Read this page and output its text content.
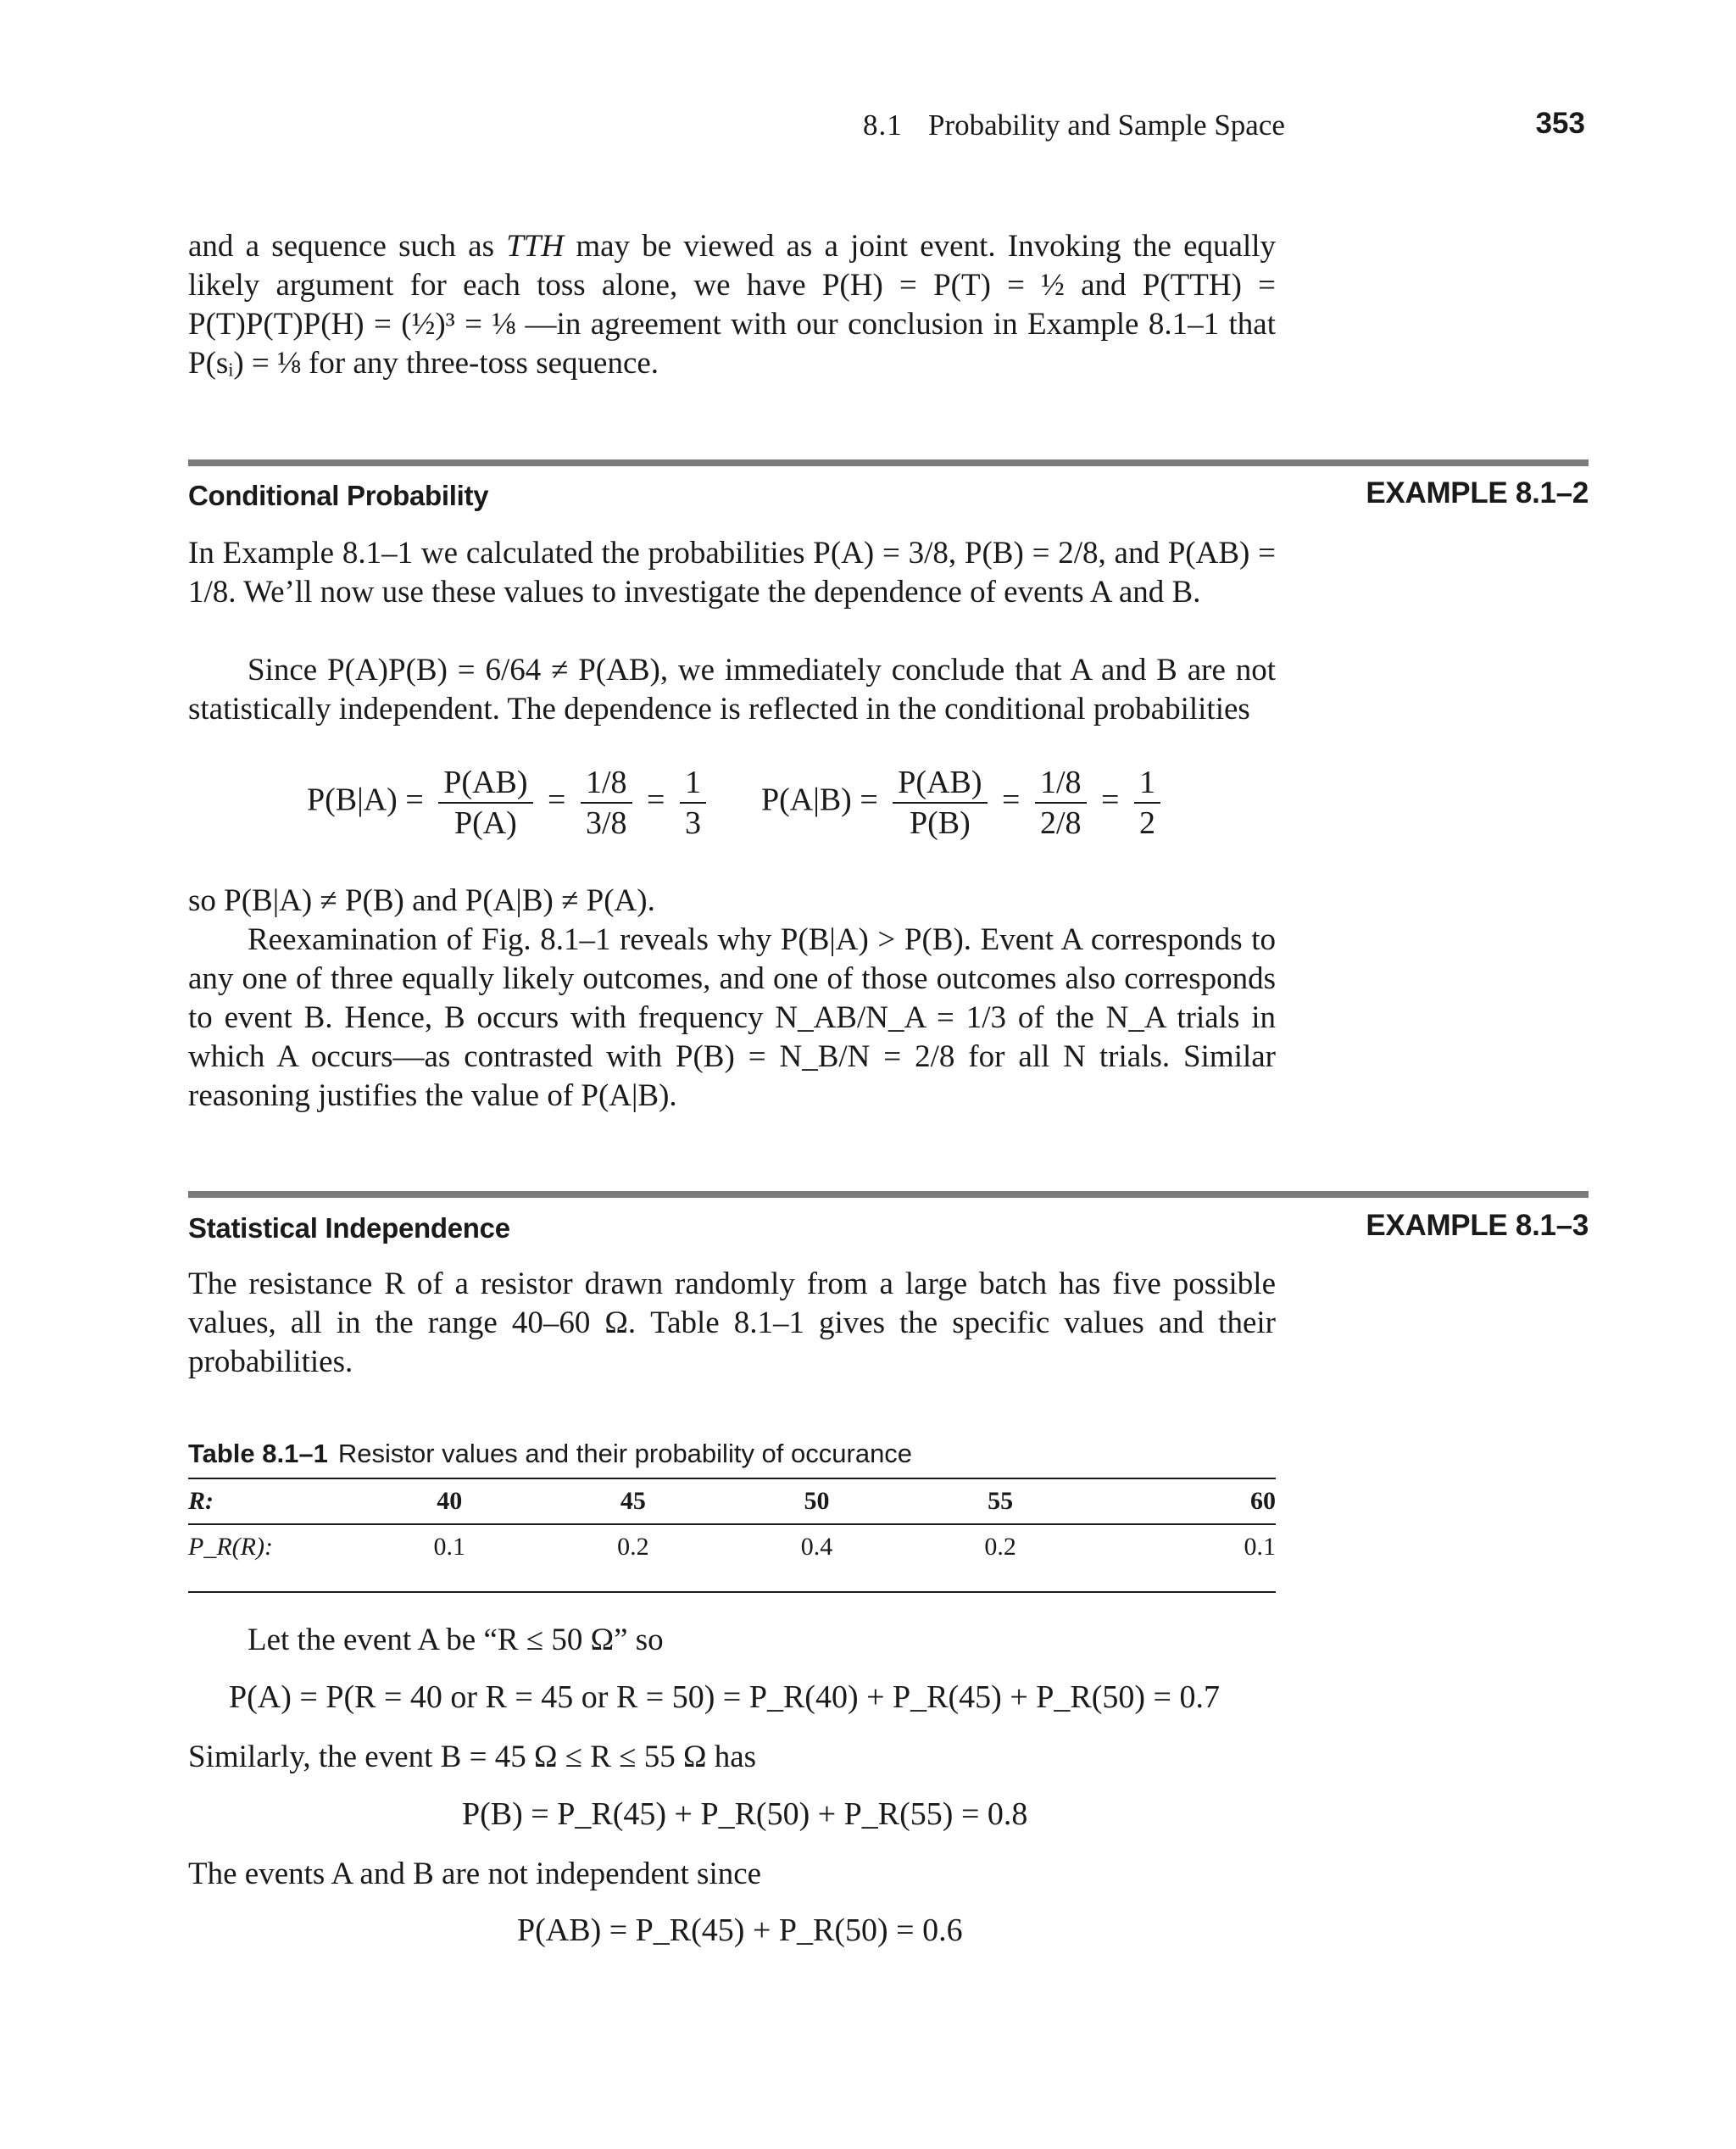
8.1 Probability and Sample Space	353

and a sequence such as TTH may be viewed as a joint event. Invoking the equally likely argument for each toss alone, we have P(H) = P(T) = ½ and P(TTH) = P(T)P(T)P(H) = (½)³ = ⅛ —in agreement with our conclusion in Example 8.1–1 that P(sᵢ) = ⅛ for any three-toss sequence.

Conditional Probability	EXAMPLE 8.1–2

In Example 8.1–1 we calculated the probabilities P(A) = 3/8, P(B) = 2/8, and P(AB) = 1/8. We’ll now use these values to investigate the dependence of events A and B.

Since P(A)P(B) = 6/64 ≠ P(AB), we immediately conclude that A and B are not statistically independent. The dependence is reflected in the conditional probabilities

$P(B|A) = \frac{P(AB)}{P(A)} = \frac{1/8}{3/8} = \frac{1}{3} P(A|B) = \frac{P(AB)}{P(B)} = \frac{1/8}{2/8} = \frac{1}{2}$

so P(B|A) ≠ P(B) and P(A|B) ≠ P(A).

Reexamination of Fig. 8.1–1 reveals why P(B|A) > P(B). Event A corresponds to any one of three equally likely outcomes, and one of those outcomes also corresponds to event B. Hence, B occurs with frequency N_AB/N_A = 1/3 of the N_A trials in which A occurs—as contrasted with P(B) = N_B/N = 2/8 for all N trials. Similar reasoning justifies the value of P(A|B).

Statistical Independence	EXAMPLE 8.1–3

The resistance R of a resistor drawn randomly from a large batch has five possible values, all in the range 40–60 Ω. Table 8.1–1 gives the specific values and their probabilities.

Table 8.1–1 Resistor values and their probability of occurance
R:	40	45	50	55	60
P_R(R):	0.1	0.2	0.4	0.2	0.1

Let the event A be “R ≤ 50 Ω” so

P(A) = P(R = 40 or R = 45 or R = 50) = P_R(40) + P_R(45) + P_R(50) = 0.7

Similarly, the event B = 45 Ω ≤ R ≤ 55 Ω has

P(B) = P_R(45) + P_R(50) + P_R(55) = 0.8

The events A and B are not independent since

P(AB) = P_R(45) + P_R(50) = 0.6
